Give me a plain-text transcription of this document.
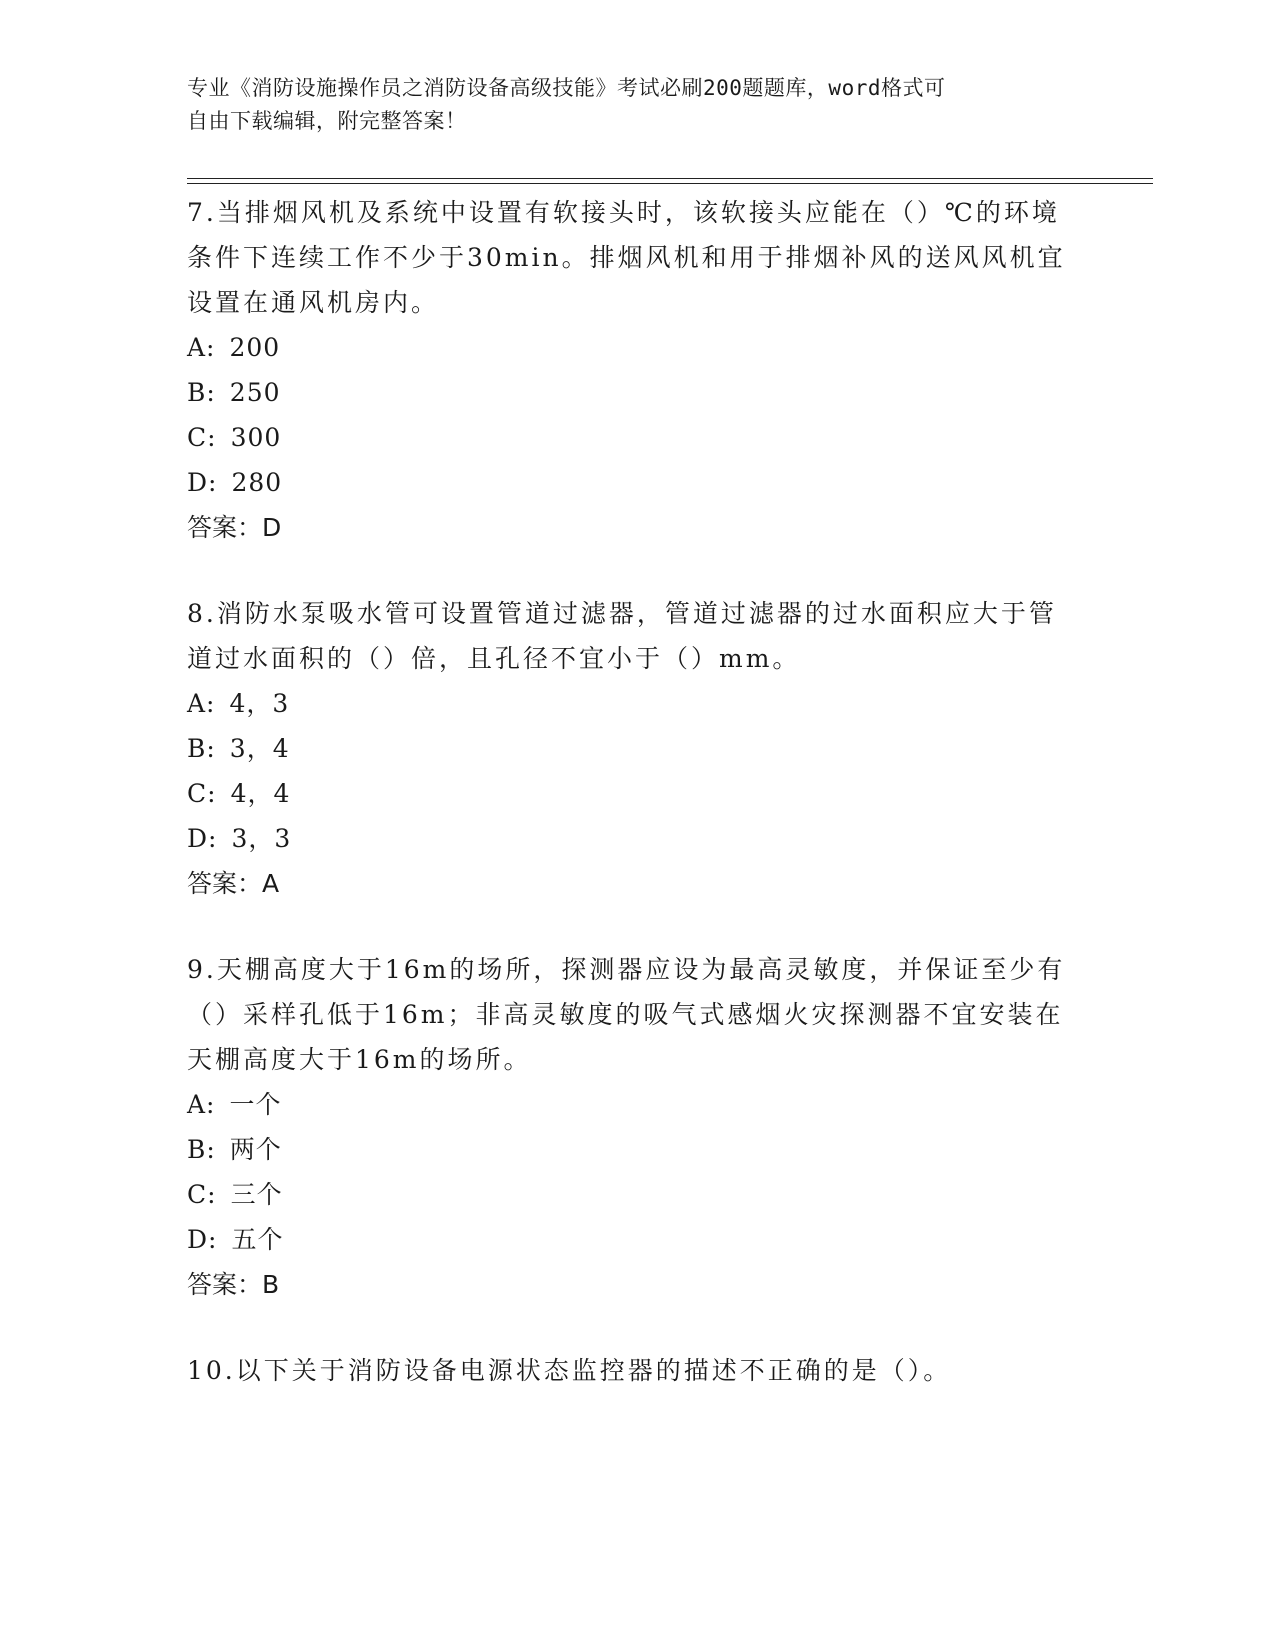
专业《消防设施操作员之消防设备高级技能》考试必刷200题题库，word格式可
自由下载编辑，附完整答案！

7.当排烟风机及系统中设置有软接头时，该软接头应能在（）℃的环境条件下连续工作不少于30min。排烟风机和用于排烟补风的送风风机宜设置在通风机房内。

A: 200
B: 250
C: 300
D: 280
答案：D

8.消防水泵吸水管可设置管道过滤器，管道过滤器的过水面积应大于管道过水面积的（）倍，且孔径不宜小于（）mm。

A: 4，3
B: 3，4
C: 4，4
D: 3，3
答案：A

9.天棚高度大于16m的场所，探测器应设为最高灵敏度，并保证至少有（）采样孔低于16m；非高灵敏度的吸气式感烟火灾探测器不宜安装在天棚高度大于16m的场所。

A: 一个
B: 两个
C: 三个
D: 五个
答案：B

10.以下关于消防设备电源状态监控器的描述不正确的是（）。
